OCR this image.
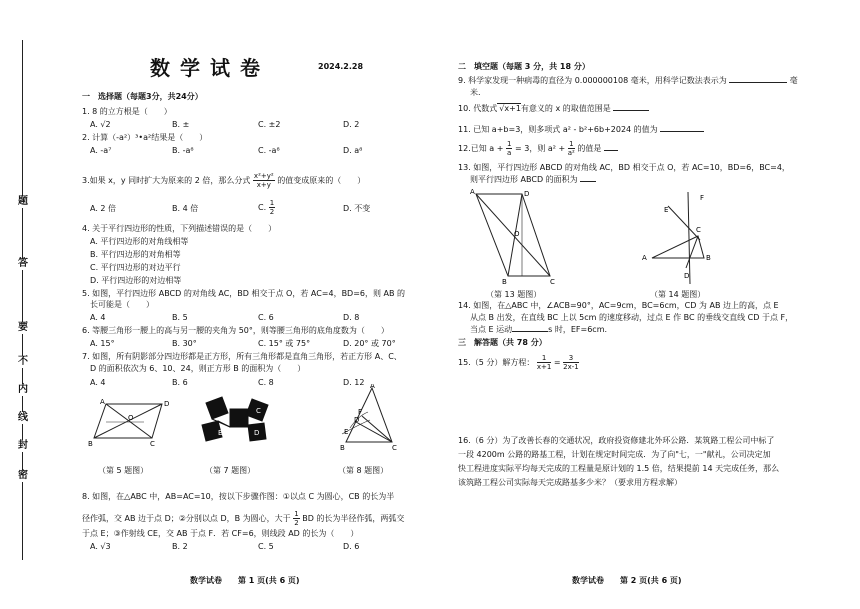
题
答
要
不
内
线
封
密
数学试卷	2024.2.28
一　选择题（每题3分，共24分）
1. 8 的立方根是（　　）
A. √2	B. ±	C. ±2	D. 2
2. 计算（-a²）³•a²结果是（　　）
A. -a⁷	B. -a⁸	C. -a⁸	D. a⁸
3.如果 x，y 同时扩大为原来的 2 倍，那么分式 $\frac{\text{x²+y²}}{x+y}$ 的值变成原来的（　　）
A. 2 倍	B. 4 倍	C. $\frac{1}{2}$	D. 不变
4. 关于平行四边形的性质，下列描述错误的是（　　）
A. 平行四边形的对角线相等
B. 平行四边形的对角相等
C. 平行四边形的对边平行
D. 平行四边形的对边相等
5. 如图，平行四边形 ABCD 的对角线 AC，BD 相交于点 O，若 AC=4，BD=6，则 AB 的
长可能是（　　）
A. 4	B. 5	C. 6	D. 8
6. 等腰三角形一腰上的高与另一腰的夹角为 50°，则等腰三角形的底角度数为（　　）
A. 15°	B. 30°	C. 15° 或 75°	D. 20° 或 70°
7. 如图，所有阴影部分四边形都是正方形，所有三角形都是直角三角形，若正方形 A、C、
D 的面积依次为 6、10、24，则正方形 B 的面积为（　　）
A. 4	B. 6	C. 8	D. 12
A	D
B	C
O
（第 5 题图）
A
B
C
D
（第 7 题图）
A
B	C
D
F
E
（第 8 题图）
8. 如图，在△ABC 中，AB=AC=10，按以下步骤作图：①以点 C 为圆心，CB 的长为半
径作弧，交 AB 边于点 D；②分别以点 D，B 为圆心，大于 $\frac{1}{2}$ BD 的长为半径作弧，两弧交
于点 E；③作射线 CE，交 AB 于点 F．若 CF=6，则线段 AD 的长为（　　）
A. √3	B. 2	C. 5	D. 6
数学试卷　　第 1 页(共 6 页)
二　填空题（每题 3 分，共 18 分）
9. 科学家发现一种病毒的直径为 0.000000108 毫米，用科学记数法表示为	毫
米.
10. 代数式 √x+1有意义的 x 的取值范围是
11. 已知 a+b=3，则多项式 a² - b²+6b+2024 的值为
12.已知 $a + \frac{1}{a} = 3$，则 $a^2 + \frac{1}{\text{a²}}$ 的值是
13. 如图，平行四边形 ABCD 的对角线 AC，BD 相交于点 O，若 AC=10，BD=6，BC=4，
则平行四边形 ABCD 的面积为
A	D
B	C
O
（第 13 题图）
F
E
A
C
B
D
（第 14 题图）
14. 如图，在△ABC 中，∠ACB=90°，AC=9cm，BC=6cm，CD 为 AB 边上的高，点 E
从点 B 出发，在直线 BC 上以 5cm 的速度移动，过点 E 作 BC 的垂线交直线 CD 于点 F，
当点 E 运动	s 时，EF=6cm.
三　解答题（共 78 分）
15.（5 分）解方程： $\frac{1}{x+1} = \frac{3}{2x-1}$
16.（6 分）为了改善长春的交通状况，政府投资修建北外环公路．某筑路工程公司中标了
一段 4200m 公路的路基工程，计划在规定时间完成．为了向"七，一"献礼，公司决定加
快工程进度实际平均每天完成的工程量是原计划的 1.5 倍，结果提前 14 天完成任务，那么
该筑路工程公司实际每天完成路基多少米？（要求用方程求解）
数学试卷　　第 2 页(共 6 页)
